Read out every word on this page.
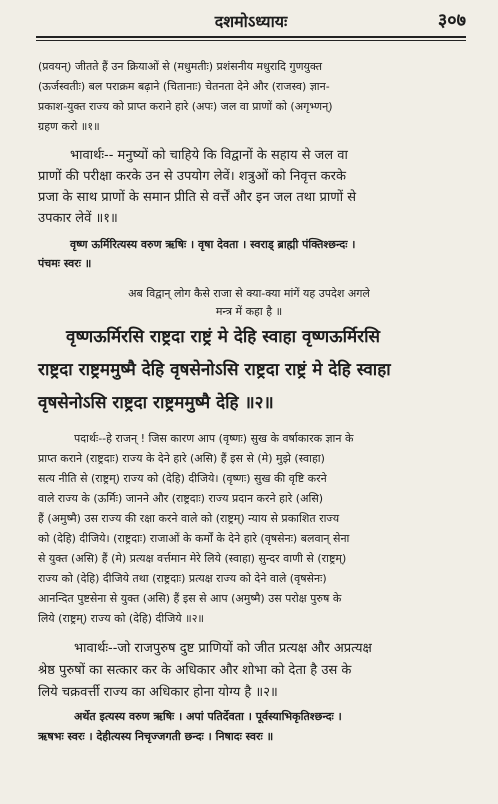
दशमोऽध्यायः	३०७
(प्रवयन्) जीतते हैं उन क्रियाओं से (मधुमतीः) प्रशंसनीय मधुरादि गुणयुक्त
(ऊर्जस्वतीः) बल पराक्रम बढ़ाने (चितानाः) चेतनता देने और (राजस्व) ज्ञान-
प्रकाश-युक्त राज्य को प्राप्त कराने हारे (अपः) जल वा प्राणों को (अगृभ्णन्)
ग्रहण करो ॥१॥
भावार्थः-- मनुष्यों को चाहिये कि विद्वानों के सहाय से जल वा
प्राणों की परीक्षा करके उन से उपयोग लेवें। शत्रुओं को निवृत्त करके
प्रजा के साथ प्राणों के समान प्रीति से वर्त्तें और इन जल तथा प्राणों से
उपकार लेवें ॥१॥
वृष्ण ऊर्मिरित्यस्य वरुण ऋषिः । वृषा देवता । स्वराड् ब्राह्मी पंक्तिश्छन्दः ।
पंचमः स्वरः ॥
अब विद्वान् लोग कैसे राजा से क्या-क्या मांगें यह उपदेश अगले
मन्त्र में कहा है ॥
वृष्णऊर्मिरसि राष्ट्रदा राष्ट्रं मे देहि स्वाहा वृष्णऊर्मिरसि
राष्ट्रदा राष्ट्रममुष्मै देहि वृषसेनोऽसि राष्ट्रदा राष्ट्रं मे देहि स्वाहा
वृषसेनोऽसि राष्ट्रदा राष्ट्रममुष्मै देहि ॥२॥
पदार्थः--हे राजन् ! जिस कारण आप (वृष्णः) सुख के वर्षाकारक ज्ञान के
प्राप्त कराने (राष्ट्रदाः) राज्य के देने हारे (असि) हैं इस से (मे) मुझे (स्वाहा)
सत्य नीति से (राष्ट्रम्) राज्य को (देहि) दीजिये। (वृष्णः) सुख की वृष्टि करने
वाले राज्य के (ऊर्मिः) जानने और (राष्ट्रदाः) राज्य प्रदान करने हारे (असि)
हैं (अमुष्मै) उस राज्य की रक्षा करने वाले को (राष्ट्रम्) न्याय से प्रकाशित राज्य
को (देहि) दीजिये। (राष्ट्रदाः) राजाओं के कर्मों के देने हारे (वृषसेनः) बलवान् सेना
से युक्त (असि) हैं (मे) प्रत्यक्ष वर्त्तमान मेरे लिये (स्वाहा) सुन्दर वाणी से (राष्ट्रम्)
राज्य को (देहि) दीजिये तथा (राष्ट्रदाः) प्रत्यक्ष राज्य को देने वाले (वृषसेनः)
आनन्दित पुष्टसेना से युक्त (असि) हैं इस से आप (अमुष्मै) उस परोक्ष पुरुष के
लिये (राष्ट्रम्) राज्य को (देहि) दीजिये ॥२॥
भावार्थः--जो राजपुरुष दुष्ट प्राणियों को जीत प्रत्यक्ष और अप्रत्यक्ष
श्रेष्ठ पुरुषों का सत्कार कर के अधिकार और शोभा को देता है उस के
लिये चक्रवर्त्ती राज्य का अधिकार होना योग्य है ॥२॥
अर्थेत इत्यस्य वरुण ऋषिः । अपां पतिर्देवता । पूर्वस्याभिकृतिश्छन्दः ।
ऋषभः स्वरः । देहीत्यस्य निचृज्जगती छन्दः । निषादः स्वरः ॥
